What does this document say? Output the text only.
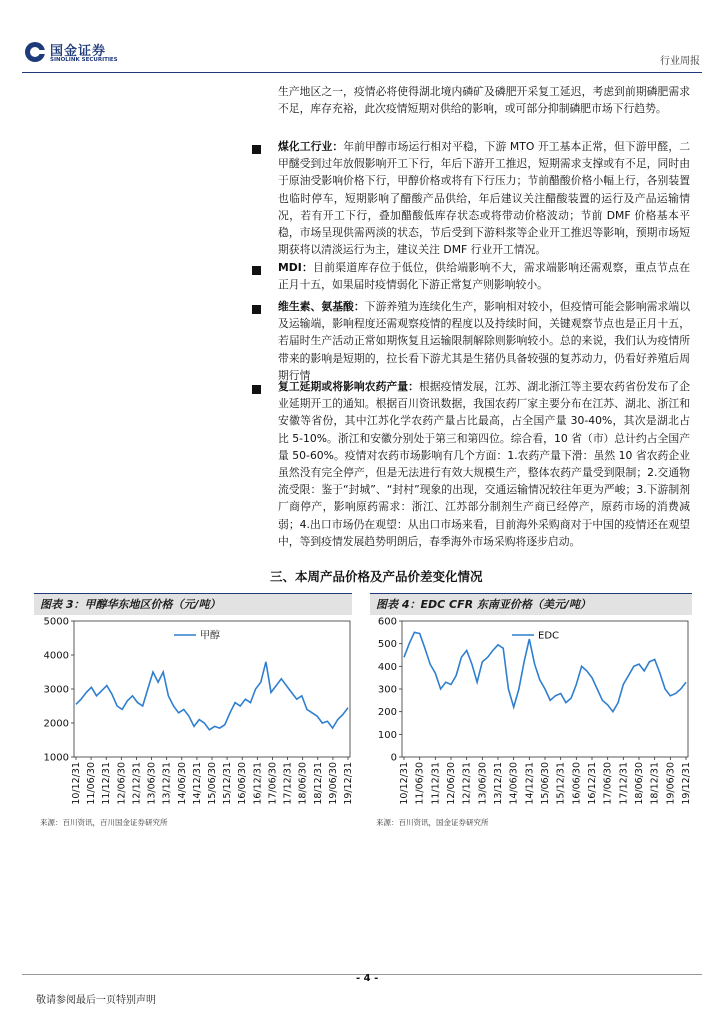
国金证券
SINOLINK SECURITIES	行业周报
生产地区之一，疫情必将使得湖北境内磷矿及磷肥开采复工延迟，考虑到前期磷肥需求不足，库存充裕，此次疫情短期对供给的影响，或可部分抑制磷肥市场下行趋势。
煤化工行业：年前甲醇市场运行相对平稳，下游 MTO 开工基本正常，但下游甲醛，二甲醚受到过年放假影响开工下行，年后下游开工推迟，短期需求支撑或有不足，同时由于原油受影响价格下行，甲醇价格或将有下行压力；节前醋酸价格小幅上行，各别装置也临时停车，短期影响了醋酸产品供给，年后建议关注醋酸装置的运行及产品运输情况，若有开工下行，叠加醋酸低库存状态或将带动价格波动；节前 DMF 价格基本平稳，市场呈现供需两淡的状态，节后受到下游料浆等企业开工推迟等影响，预期市场短期获将以清淡运行为主，建议关注 DMF 行业开工情况。
MDI：目前渠道库存位于低位，供给端影响不大，需求端影响还需观察，重点节点在正月十五，如果届时疫情弱化下游正常复产则影响较小。
维生素、氨基酸：下游养殖为连续化生产，影响相对较小，但疫情可能会影响需求端以及运输端，影响程度还需观察疫情的程度以及持续时间，关键观察节点也是正月十五，若届时生产活动正常如期恢复且运输限制解除则影响较小。总的来说，我们认为疫情所带来的影响是短期的，拉长看下游尤其是生猪仍具备较强的复苏动力，仍看好养殖后周期行情
复工延期或将影响农药产量：根据疫情发展，江苏、湖北浙江等主要农药省份发布了企业延期开工的通知。根据百川资讯数据，我国农药厂家主要分布在江苏、湖北、浙江和安徽等省份，其中江苏化学农药产量占比最高，占全国产量 30-40%，其次是湖北占比 5-10%。浙江和安徽分别处于第三和第四位。综合看，10 省（市）总计约占全国产量 50-60%。疫情对农药市场影响有几个方面：1.农药产量下滑：虽然 10 省农药企业虽然没有完全停产，但是无法进行有效大规模生产，整体农药产量受到限制；2.交通物流受限：鉴于“封城”、“封村”现象的出现，交通运输情况较往年更为严峻；3.下游制剂厂商停产，影响原药需求：浙江、江苏部分制剂生产商已经停产，原药市场的消费减弱；4.出口市场仍在观望：从出口市场来看，目前海外采购商对于中国的疫情还在观望中，等到疫情发展趋势明朗后，春季海外市场采购将逐步启动。
三、本周产品价格及产品价差变化情况
图表 3：甲醇华东地区价格（元/吨）
1000
2000
3000
4000
5000
10/12/31 11/06/30 11/12/31 12/06/30 12/12/31 13/06/30 13/12/31 14/06/30 14/12/31 15/06/30 15/12/31 16/06/30 16/12/31 17/06/30 17/12/31 18/06/30 18/12/31 19/06/30 19/12/31
甲醇
来源：百川资讯，百川国金证券研究所
图表 4：EDC CFR 东南亚价格（美元/吨）
0
100
200
300
400
500
600
10/12/31 11/06/30 11/12/31 12/06/30 12/12/31 13/06/30 13/12/31 14/06/30 14/12/31 15/06/30 15/12/31 16/06/30 16/12/31 17/06/30 17/12/31 18/06/30 18/12/31 19/06/30 19/12/31
EDC
来源：百川资讯，国金证券研究所
- 4 -
敬请参阅最后一页特别声明
